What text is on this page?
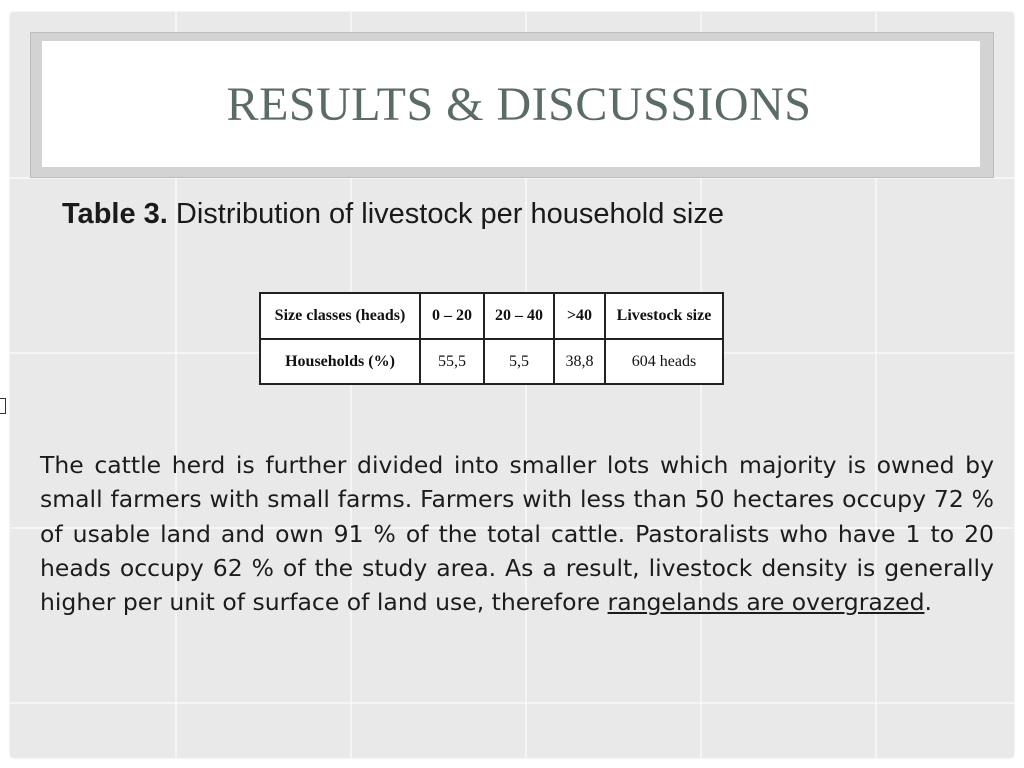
RESULTS & DISCUSSIONS
Table 3. Distribution of livestock per household size
Size classes (heads)	0 – 20	20 – 40	>40	Livestock size
Households (%)	55,5	5,5	38,8	604 heads

The cattle herd is further divided into smaller lots which majority is owned by small farmers with small farms. Farmers with less than 50 hectares occupy 72 % of usable land and own 91 % of the total cattle. Pastoralists who have 1 to 20 heads occupy 62 % of the study area. As a result, livestock density is generally higher per unit of surface of land use, therefore rangelands are overgrazed.
